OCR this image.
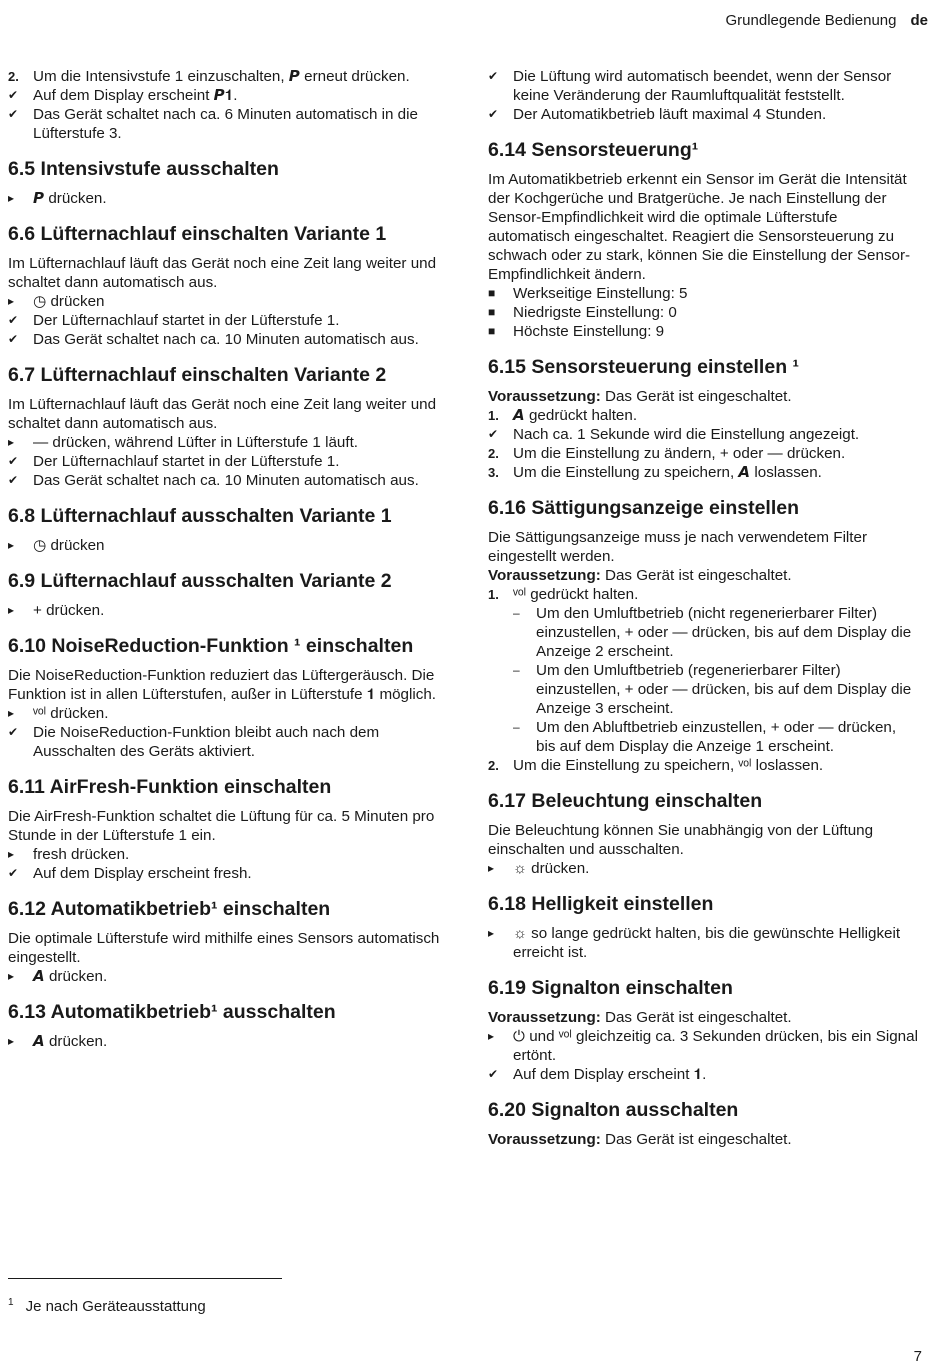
Grundlegende Bedienung de
2. Um die Intensivstufe 1 einzuschalten, 𝙋 erneut drücken.
✔ Auf dem Display erscheint 𝙋𝟏.
✔ Das Gerät schaltet nach ca. 6 Minuten automatisch in die Lüfterstufe 3.
6.5 Intensivstufe ausschalten
▸	𝙋 drücken.
6.6 Lüfternachlauf einschalten Variante 1

Im Lüfternachlauf läuft das Gerät noch eine Zeit lang weiter und schaltet dann automatisch aus.

▸	◷ drücken
✔ Der Lüfternachlauf startet in der Lüfterstufe 1.
✔ Das Gerät schaltet nach ca. 10 Minuten automatisch aus.
6.7 Lüfternachlauf einschalten Variante 2

Im Lüfternachlauf läuft das Gerät noch eine Zeit lang weiter und schaltet dann automatisch aus.

▸	— drücken, während Lüfter in Lüfterstufe 1 läuft.
✔ Der Lüfternachlauf startet in der Lüfterstufe 1.
✔ Das Gerät schaltet nach ca. 10 Minuten automatisch aus.
6.8 Lüfternachlauf ausschalten Variante 1
▸	◷ drücken
6.9 Lüfternachlauf ausschalten Variante 2
▸	+ drücken.
6.10 NoiseReduction-Funktion ¹ einschalten

Die NoiseReduction-Funktion reduziert das Lüftergeräusch. Die Funktion ist in allen Lüfterstufen, außer in Lüfterstufe 𝟏 möglich.

▸	ᵛᵒˡ drücken.
✔ Die NoiseReduction-Funktion bleibt auch nach dem Ausschalten des Geräts aktiviert.
6.11 AirFresh-Funktion einschalten

Die AirFresh-Funktion schaltet die Lüftung für ca. 5 Minuten pro Stunde in der Lüfterstufe 1 ein.

▸	fresh drücken.
✔ Auf dem Display erscheint fresh.
6.12 Automatikbetrieb¹ einschalten

Die optimale Lüfterstufe wird mithilfe eines Sensors automatisch eingestellt.

▸	𝘼 drücken.
6.13 Automatikbetrieb¹ ausschalten
▸	𝘼 drücken.
✔ Die Lüftung wird automatisch beendet, wenn der Sensor keine Veränderung der Raumluftqualität feststellt.
✔ Der Automatikbetrieb läuft maximal 4 Stunden.
6.14 Sensorsteuerung¹

Im Automatikbetrieb erkennt ein Sensor im Gerät die Intensität der Kochgerüche und Bratgerüche. Je nach Einstellung der Sensor-Empfindlichkeit wird die optimale Lüfterstufe automatisch eingeschaltet. Reagiert die Sensorsteuerung zu schwach oder zu stark, können Sie die Einstellung der Sensor-Empfindlichkeit ändern.

■	Werkseitige Einstellung: 5
■	Niedrigste Einstellung: 0
■	Höchste Einstellung: 9
6.15 Sensorsteuerung einstellen ¹

Voraussetzung: Das Gerät ist eingeschaltet.

1. 𝘼 gedrückt halten.
✔ Nach ca. 1 Sekunde wird die Einstellung angezeigt.
2. Um die Einstellung zu ändern, + oder — drücken.
3. Um die Einstellung zu speichern, 𝘼 loslassen.
6.16 Sättigungsanzeige einstellen

Die Sättigungsanzeige muss je nach verwendetem Filter eingestellt werden.

Voraussetzung: Das Gerät ist eingeschaltet.

1. ᵛᵒˡ gedrückt halten.
–	Um den Umluftbetrieb (nicht regenerierbarer Filter) einzustellen, + oder — drücken, bis auf dem Display die Anzeige 2 erscheint.
–	Um den Umluftbetrieb (regenerierbarer Filter) einzustellen, + oder — drücken, bis auf dem Display die Anzeige 3 erscheint.
–	Um den Abluftbetrieb einzustellen, + oder — drücken, bis auf dem Display die Anzeige 1 erscheint.
2. Um die Einstellung zu speichern, ᵛᵒˡ loslassen.
6.17 Beleuchtung einschalten

Die Beleuchtung können Sie unabhängig von der Lüftung einschalten und ausschalten.

▸	☼ drücken.
6.18 Helligkeit einstellen
▸	☼ so lange gedrückt halten, bis die gewünschte Helligkeit erreicht ist.
6.19 Signalton einschalten

Voraussetzung: Das Gerät ist eingeschaltet.

▸	⏻ und ᵛᵒˡ gleichzeitig ca. 3 Sekunden drücken, bis ein Signal ertönt.
✔ Auf dem Display erscheint 𝟏.
6.20 Signalton ausschalten

Voraussetzung: Das Gerät ist eingeschaltet.

$^1$ Je nach Geräteausstattung
7
